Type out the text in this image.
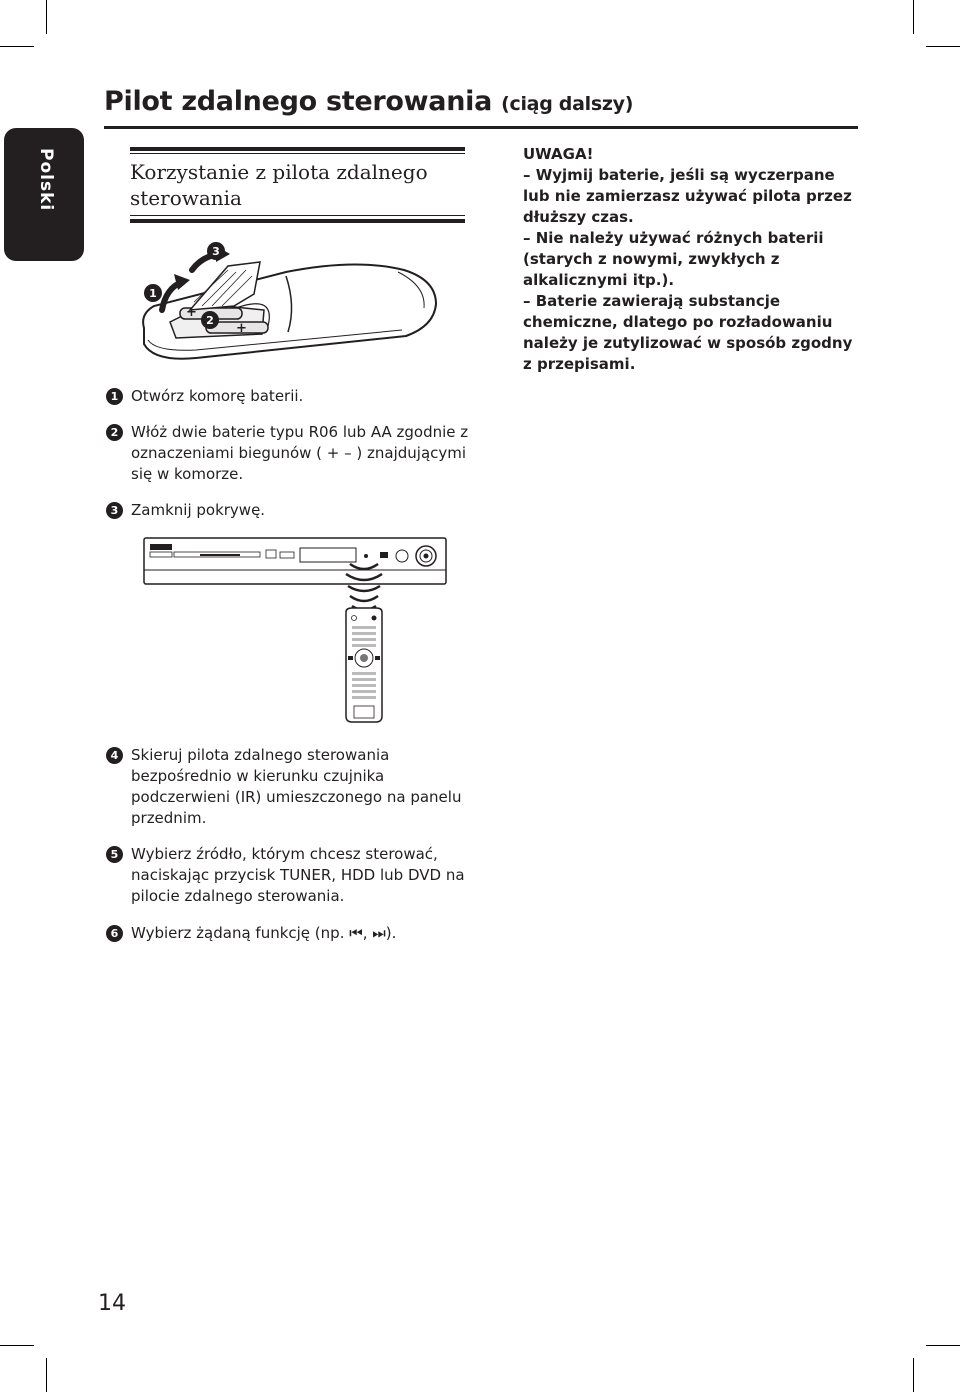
Polski
Pilot zdalnego sterowania (ciąg dalszy)
Korzystanie z pilota zdalnego sterowania
1
2
3
+
+
1 Otwórz komorę baterii.
2 Włóż dwie baterie typu R06 lub AA zgodnie z
oznaczeniami biegunów ( + – ) znajdującymi
się w komorze.
3 Zamknij pokrywę.
4 Skieruj pilota zdalnego sterowania
bezpośrednio w kierunku czujnika
podczerwieni (IR) umieszczonego na panelu
przednim.
5 Wybierz źródło, którym chcesz sterować,
naciskając przycisk TUNER, HDD lub DVD na
pilocie zdalnego sterowania.
6 Wybierz żądaną funkcję (np. ⏮, ⏭).

UWAGA!

– Wyjmij baterie, jeśli są wyczerpane lub nie zamierzasz używać pilota przez dłuższy czas.

– Nie należy używać różnych baterii (starych z nowymi, zwykłych z alkalicznymi itp.).

– Baterie zawierają substancje chemiczne, dlatego po rozładowaniu należy je zutylizować w sposób zgodny z przepisami.

14
